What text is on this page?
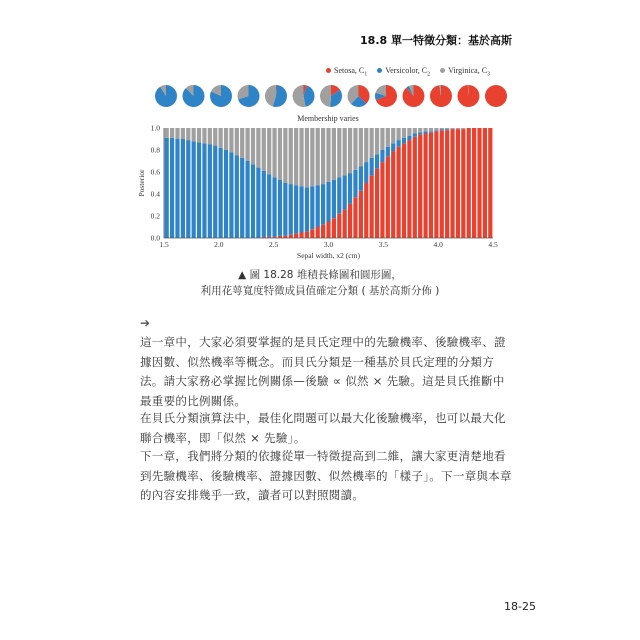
18.8 單一特徵分類：基於高斯
Setosa, $C_1$ Versicolor, $C_2$ Virginica, $C_3$
Membership varies
1.5	2.0	2.5	3.0	3.5	4.0	4.5
0.0
0.2
0.4
0.6
0.8
1.0
Sepal width, x2 (cm)
Posterior
▲ 圖 18.28 堆積長條圖和圓形圖，
利用花萼寬度特徵成員值確定分類 ( 基於高斯分佈 )
➔

這一章中，大家必須要掌握的是貝氏定理中的先驗機率、後驗機率、證據因數、似然機率等概念。而貝氏分類是一種基於貝氏定理的分類方法。請大家務必掌握比例關係—後驗 ∝ 似然 × 先驗。這是貝氏推斷中最重要的比例關係。

在貝氏分類演算法中，最佳化問題可以最大化後驗機率，也可以最大化聯合機率，即「似然 × 先驗」。

下一章，我們將分類的依據從單一特徵提高到二維，讓大家更清楚地看到先驗機率、後驗機率、證據因數、似然機率的「樣子」。下一章與本章的內容安排幾乎一致，讀者可以對照閱讀。

18-25
